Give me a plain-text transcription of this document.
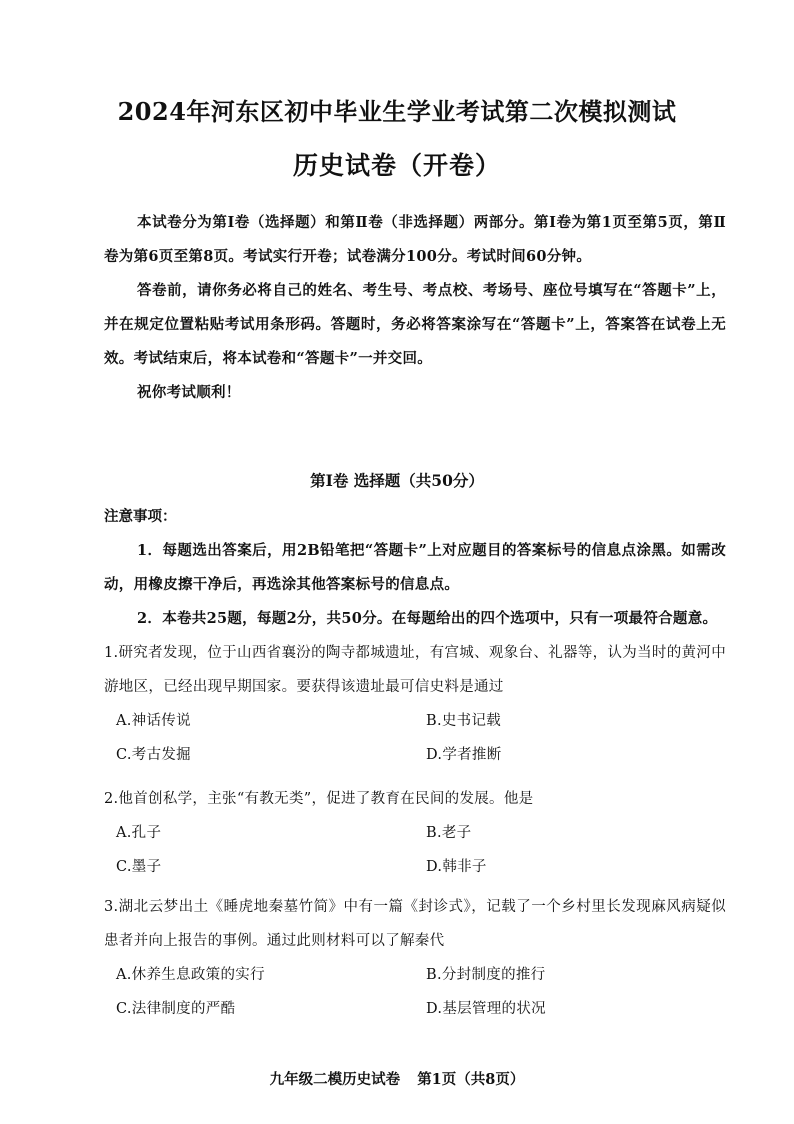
2024年河东区初中毕业生学业考试第二次模拟测试
历史试卷（开卷）

本试卷分为第Ⅰ卷（选择题）和第Ⅱ卷（非选择题）两部分。第Ⅰ卷为第1页至第5页，第Ⅱ卷为第6页至第8页。考试实行开卷；试卷满分100分。考试时间60分钟。

答卷前，请你务必将自己的姓名、考生号、考点校、考场号、座位号填写在“答题卡”上，并在规定位置粘贴考试用条形码。答题时，务必将答案涂写在“答题卡”上，答案答在试卷上无效。考试结束后，将本试卷和“答题卡”一并交回。

祝你考试顺利！

第Ⅰ卷 选择题（共50分）
注意事项：

1．每题选出答案后，用2B铅笔把“答题卡”上对应题目的答案标号的信息点涂黑。如需改动，用橡皮擦干净后，再选涂其他答案标号的信息点。

2．本卷共25题，每题2分，共50分。在每题给出的四个选项中，只有一项最符合题意。

1.研究者发现，位于山西省襄汾的陶寺都城遗址，有宫城、观象台、礼器等，认为当时的黄河中游地区，已经出现早期国家。要获得该遗址最可信史料是通过

A.神话传说	B.史书记载
C.考古发掘	D.学者推断

2.他首创私学，主张“有教无类”，促进了教育在民间的发展。他是

A.孔子	B.老子
C.墨子	D.韩非子

3.湖北云梦出土《睡虎地秦墓竹简》中有一篇《封诊式》，记载了一个乡村里长发现麻风病疑似患者并向上报告的事例。通过此则材料可以了解秦代

A.休养生息政策的实行	B.分封制度的推行
C.法律制度的严酷	D.基层管理的状况
九年级二模历史试卷 第1页（共8页）
